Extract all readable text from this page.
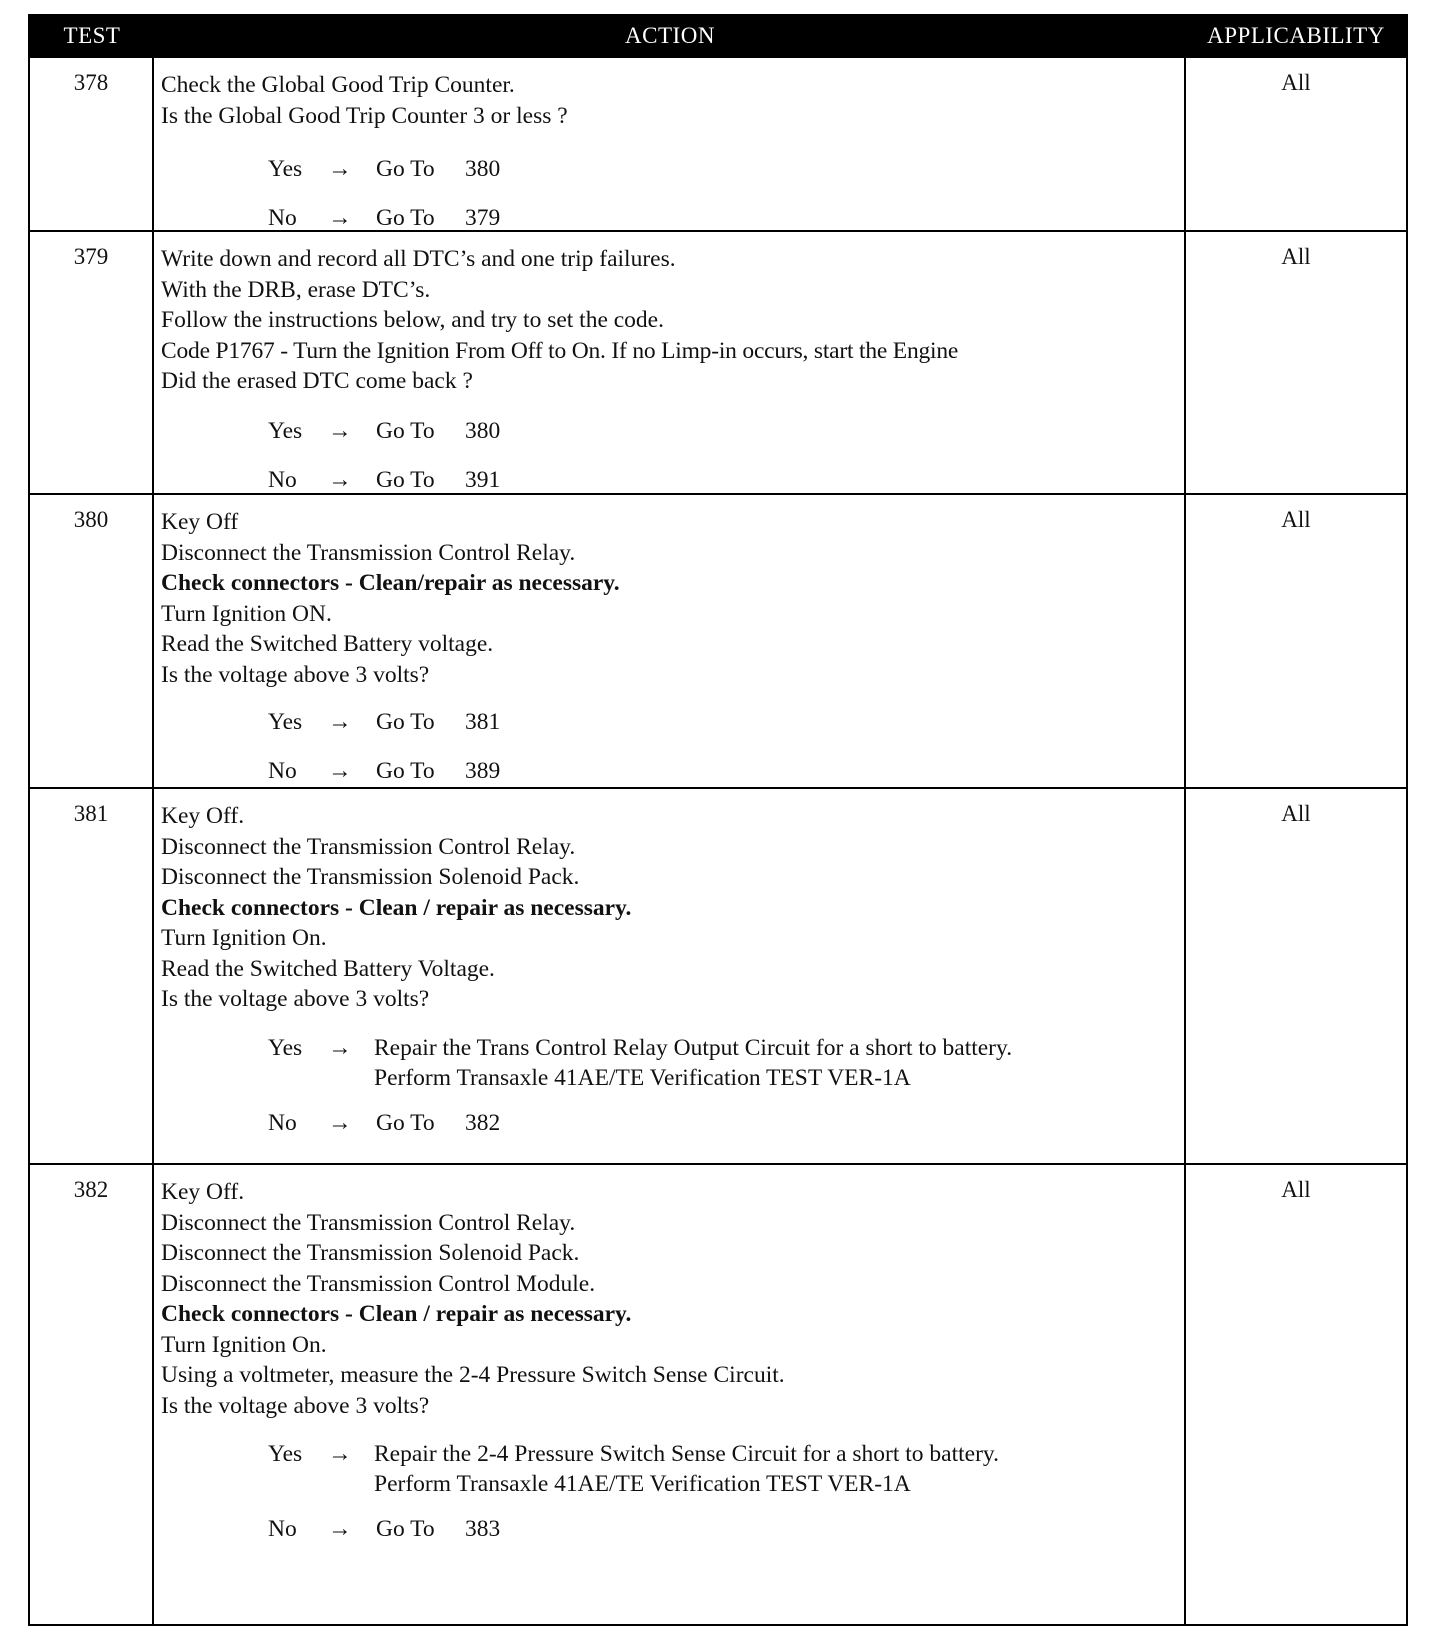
TEST	ACTION	APPLICABILITY
378	Check the Global Good Trip Counter.
Is the Global Good Trip Counter 3 or less ?
Yes → Go To 380
No → Go To 379
All
379	Write down and record all DTC’s and one trip failures.
With the DRB, erase DTC’s.
Follow the instructions below, and try to set the code.
Code P1767 - Turn the Ignition From Off to On. If no Limp-in occurs, start the Engine
Did the erased DTC come back ?
Yes → Go To 380
No → Go To 391
All
380	Key Off
Disconnect the Transmission Control Relay.
Check connectors - Clean/repair as necessary.
Turn Ignition ON.
Read the Switched Battery voltage.
Is the voltage above 3 volts?
Yes → Go To 381
No → Go To 389
All
381	Key Off.
Disconnect the Transmission Control Relay.
Disconnect the Transmission Solenoid Pack.
Check connectors - Clean / repair as necessary.
Turn Ignition On.
Read the Switched Battery Voltage.
Is the voltage above 3 volts?
Yes → Repair the Trans Control Relay Output Circuit for a short to battery.
Perform Transaxle 41AE/TE Verification TEST VER-1A
No → Go To 382
All
382	Key Off.
Disconnect the Transmission Control Relay.
Disconnect the Transmission Solenoid Pack.
Disconnect the Transmission Control Module.
Check connectors - Clean / repair as necessary.
Turn Ignition On.
Using a voltmeter, measure the 2-4 Pressure Switch Sense Circuit.
Is the voltage above 3 volts?
Yes → Repair the 2-4 Pressure Switch Sense Circuit for a short to battery.
Perform Transaxle 41AE/TE Verification TEST VER-1A
No → Go To 383
All
